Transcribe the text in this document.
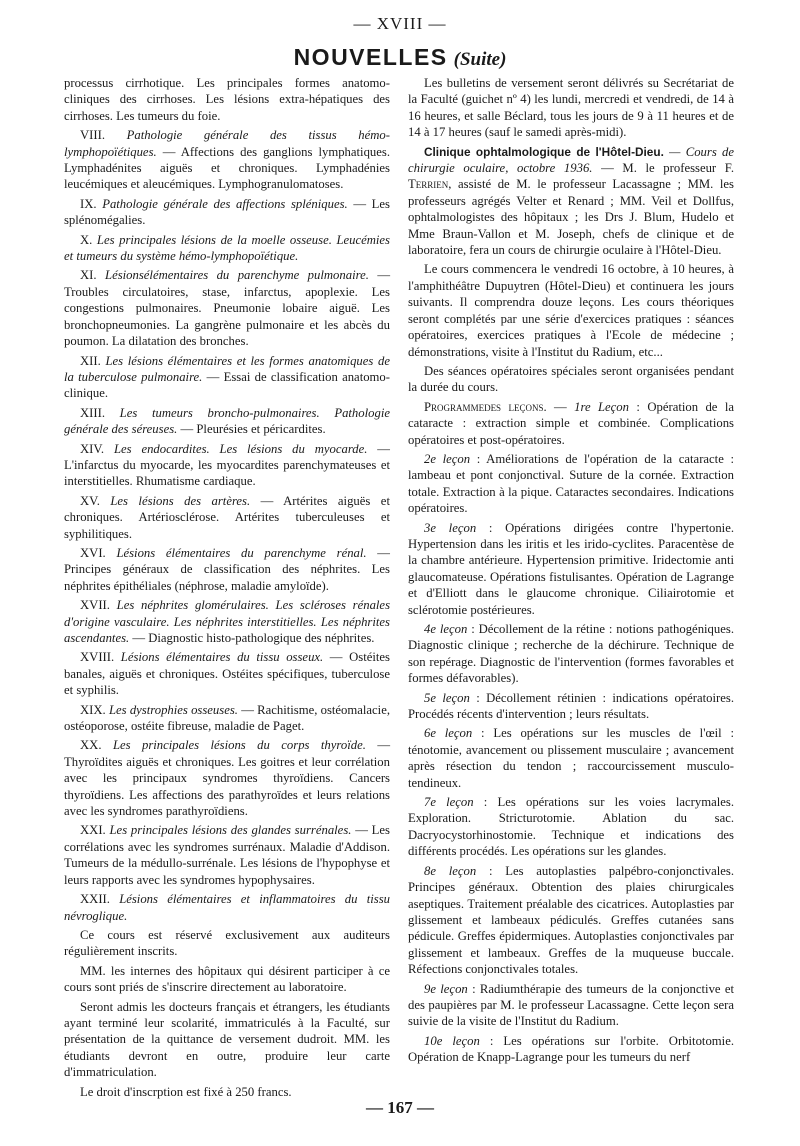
— XVIII —
NOUVELLES (Suite)

processus cirrhotique. Les principales formes anatomo-cliniques des cirrhoses. Les lésions extra-hépatiques des cirrhoses. Les tumeurs du foie.

VIII. Pathologie générale des tissus hémo-lymphopoïétiques. — Affections des ganglions lymphatiques. Lymphadénites aiguës et chroniques. Lymphadénies leucémiques et aleucémiques. Lymphogranulomatoses.

IX. Pathologie générale des affections spléniques. — Les splénomégalies.

X. Les principales lésions de la moelle osseuse. Leucémies et tumeurs du système hémo-lymphopoïétique.

XI. Lésionsélémentaires du parenchyme pulmonaire. — Troubles circulatoires, stase, infarctus, apoplexie. Les congestions pulmonaires. Pneumonie lobaire aiguë. Les bronchopneumonies. La gangrène pulmonaire et les abcès du poumon. La dilatation des bronches.

XII. Les lésions élémentaires et les formes anatomiques de la tuberculose pulmonaire. — Essai de classification anatomo-clinique.

XIII. Les tumeurs broncho-pulmonaires. Pathologie générale des séreuses. — Pleurésies et péricardites.

XIV. Les endocardites. Les lésions du myocarde. — L'infarctus du myocarde, les myocardites parenchymateuses et interstitielles. Rhumatisme cardiaque.

XV. Les lésions des artères. — Artérites aiguës et chroniques. Artériosclérose. Artérites tuberculeuses et syphilitiques.

XVI. Lésions élémentaires du parenchyme rénal. — Principes généraux de classification des néphrites. Les néphrites épithéliales (néphrose, maladie amyloïde).

XVII. Les néphrites glomérulaires. Les scléroses rénales d'origine vasculaire. Les néphrites interstitielles. Les néphrites ascendantes. — Diagnostic histo-pathologique des néphrites.

XVIII. Lésions élémentaires du tissu osseux. — Ostéites banales, aiguës et chroniques. Ostéites spécifiques, tuberculose et syphilis.

XIX. Les dystrophies osseuses. — Rachitisme, ostéomalacie, ostéoporose, ostéite fibreuse, maladie de Paget.

XX. Les principales lésions du corps thyroïde. — Thyroïdites aiguës et chroniques. Les goitres et leur corrélation avec les principaux syndromes thyroïdiens. Cancers thyroïdiens. Les affections des parathyroïdes et leurs relations avec les syndromes parathyroïdiens.

XXI. Les principales lésions des glandes surrénales. — Les corrélations avec les syndromes surrénaux. Maladie d'Addison. Tumeurs de la médullo-surrénale. Les lésions de l'hypophyse et leurs rapports avec les syndromes hypophysaires.

XXII. Lésions élémentaires et inflammatoires du tissu névroglique.

Ce cours est réservé exclusivement aux auditeurs régulièrement inscrits.

MM. les internes des hôpitaux qui désirent participer à ce cours sont priés de s'inscrire directement au laboratoire.

Seront admis les docteurs français et étrangers, les étudiants ayant terminé leur scolarité, immatriculés à la Faculté, sur présentation de la quittance de versement dudroit. MM. les étudiants devront en outre, produire leur carte d'immatriculation.

Le droit d'inscrption est fixé à 250 francs.

Les bulletins de versement seront délivrés su Secrétariat de la Faculté (guichet nº 4) les lundi, mercredi et vendredi, de 14 à 16 heures, et salle Béclard, tous les jours de 9 à 11 heures et de 14 à 17 heures (sauf le samedi après-midi).

Clinique ophtalmologique de l'Hôtel-Dieu. — Cours de chirurgie oculaire, octobre 1936. — M. le professeur F. Terrien, assisté de M. le professeur Lacassagne ; MM. les professeurs agrégés Velter et Renard ; MM. Veil et Dollfus, ophtalmologistes des hôpitaux ; les Drs J. Blum, Hudelo et Mme Braun-Vallon et M. Joseph, chefs de clinique et de laboratoire, fera un cours de chirurgie oculaire à l'Hôtel-Dieu.

Le cours commencera le vendredi 16 octobre, à 10 heures, à l'amphithéâtre Dupuytren (Hôtel-Dieu) et continuera les jours suivants. Il comprendra douze leçons. Les cours théoriques seront complétés par une série d'exercices pratiques : séances opératoires, exercices pratiques à l'Ecole de médecine ; démonstrations, visite à l'Institut du Radium, etc...

Des séances opératoires spéciales seront organisées pendant la durée du cours.

Programmedes leçons. — 1re Leçon : Opération de la cataracte : extraction simple et combinée. Complications opératoires et post-opératoires.

2e leçon : Améliorations de l'opération de la cataracte : lambeau et pont conjonctival. Suture de la cornée. Extraction totale. Extraction à la pique. Cataractes secondaires. Indications opératoires.

3e leçon : Opérations dirigées contre l'hypertonie. Hypertension dans les iritis et les irido-cyclites. Paracentèse de la chambre antérieure. Hypertension primitive. Iridectomie anti glaucomateuse. Opérations fistulisantes. Opération de Lagrange et d'Elliott dans le glaucome chronique. Ciliairotomie et sclérotomie postérieures.

4e leçon : Décollement de la rétine : notions pathogéniques. Diagnostic clinique ; recherche de la déchirure. Technique de son repérage. Diagnostic de l'intervention (formes favorables et formes défavorables).

5e leçon : Décollement rétinien : indications opératoires. Procédés récents d'intervention ; leurs résultats.

6e leçon : Les opérations sur les muscles de l'œil : ténotomie, avancement ou plissement musculaire ; avancement après résection du tendon ; raccourcissement musculo-tendineux.

7e leçon : Les opérations sur les voies lacrymales. Exploration. Stricturotomie. Ablation du sac. Dacryocystorhinostomie. Technique et indications des différents procédés. Les opérations sur les glandes.

8e leçon : Les autoplasties palpébro-conjonctivales. Principes généraux. Obtention des plaies chirurgicales aseptiques. Traitement préalable des cicatrices. Autoplasties par glissement et lambeaux pédiculés. Greffes cutanées sans pédicule. Greffes épidermiques. Autoplasties conjonctivales par glissement et lambeaux. Greffes de la muqueuse buccale. Réfections conjonctivales totales.

9e leçon : Radiumthérapie des tumeurs de la conjonctive et des paupières par M. le professeur Lacassagne. Cette leçon sera suivie de la visite de l'Institut du Radium.

10e leçon : Les opérations sur l'orbite. Orbitotomie. Opération de Knapp-Lagrange pour les tumeurs du nerf

— 167 —
